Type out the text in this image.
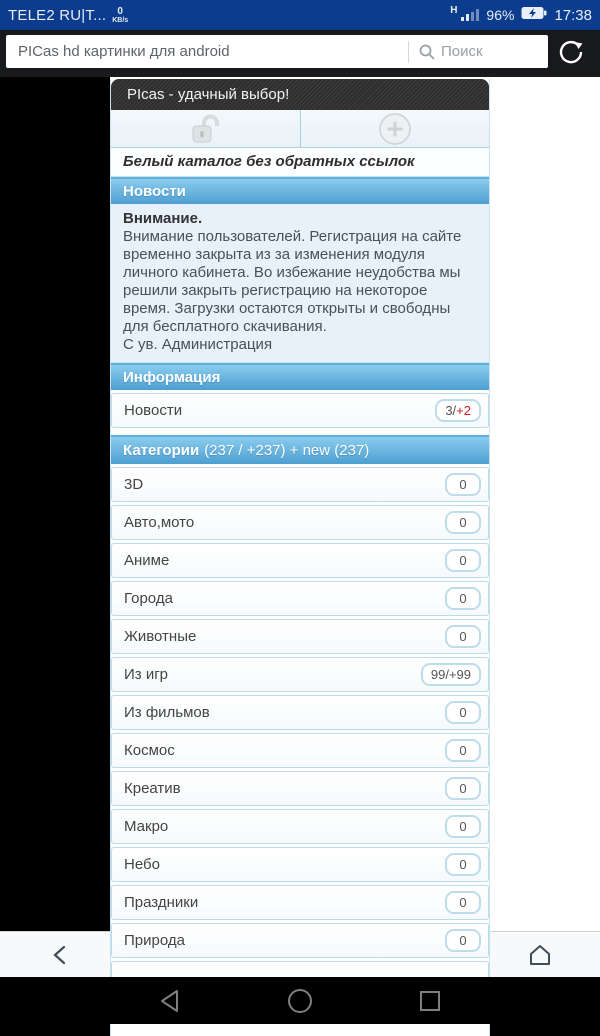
TELE2 RU|T... 0
KB/s
H 96%	17:38
PICas hd картинки для android	Поиск
PIcas - удачный выбор!
Белый каталог без обратных ссылок
Новости
Внимание.
Внимание пользователей. Регистрация на сайте временно закрыта из за изменения модуля личного кабинета. Во избежание неудобства мы решили закрыть регистрацию на некоторое время. Загрузки остаются открыты и свободны для бесплатного скачивания.
С ув. Администрация
Информация
Новости	3/+2
Категории (237 / +237) + new (237)
3D	0
Авто,мото	0
Аниме	0
Города	0
Животные	0
Из игр	99/+99
Из фильмов	0
Космос	0
Креатив	0
Макро	0
Небо	0
Праздники	0
Природа	0
